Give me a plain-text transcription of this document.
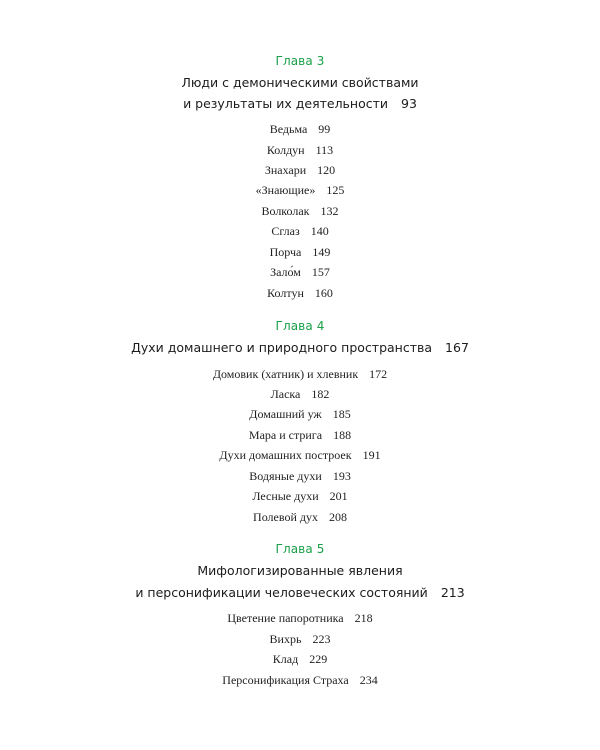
Глава 3
Люди с демоническими свойствами
и результаты их деятельности 93
Ведьма 99
Колдун 113
Знахари 120
«Знающие» 125
Волколак 132
Сглаз 140
Порча 149
Зало́м 157
Колтун 160
Глава 4
Духи домашнего и природного пространства 167
Домовик (хатник) и хлевник 172
Ласка 182
Домашний уж 185
Мара и стрига 188
Духи домашних построек 191
Водяные духи 193
Лесные духи 201
Полевой дух 208
Глава 5
Мифологизированные явления
и персонификации человеческих состояний 213
Цветение папоротника 218
Вихрь 223
Клад 229
Персонификация Страха 234
